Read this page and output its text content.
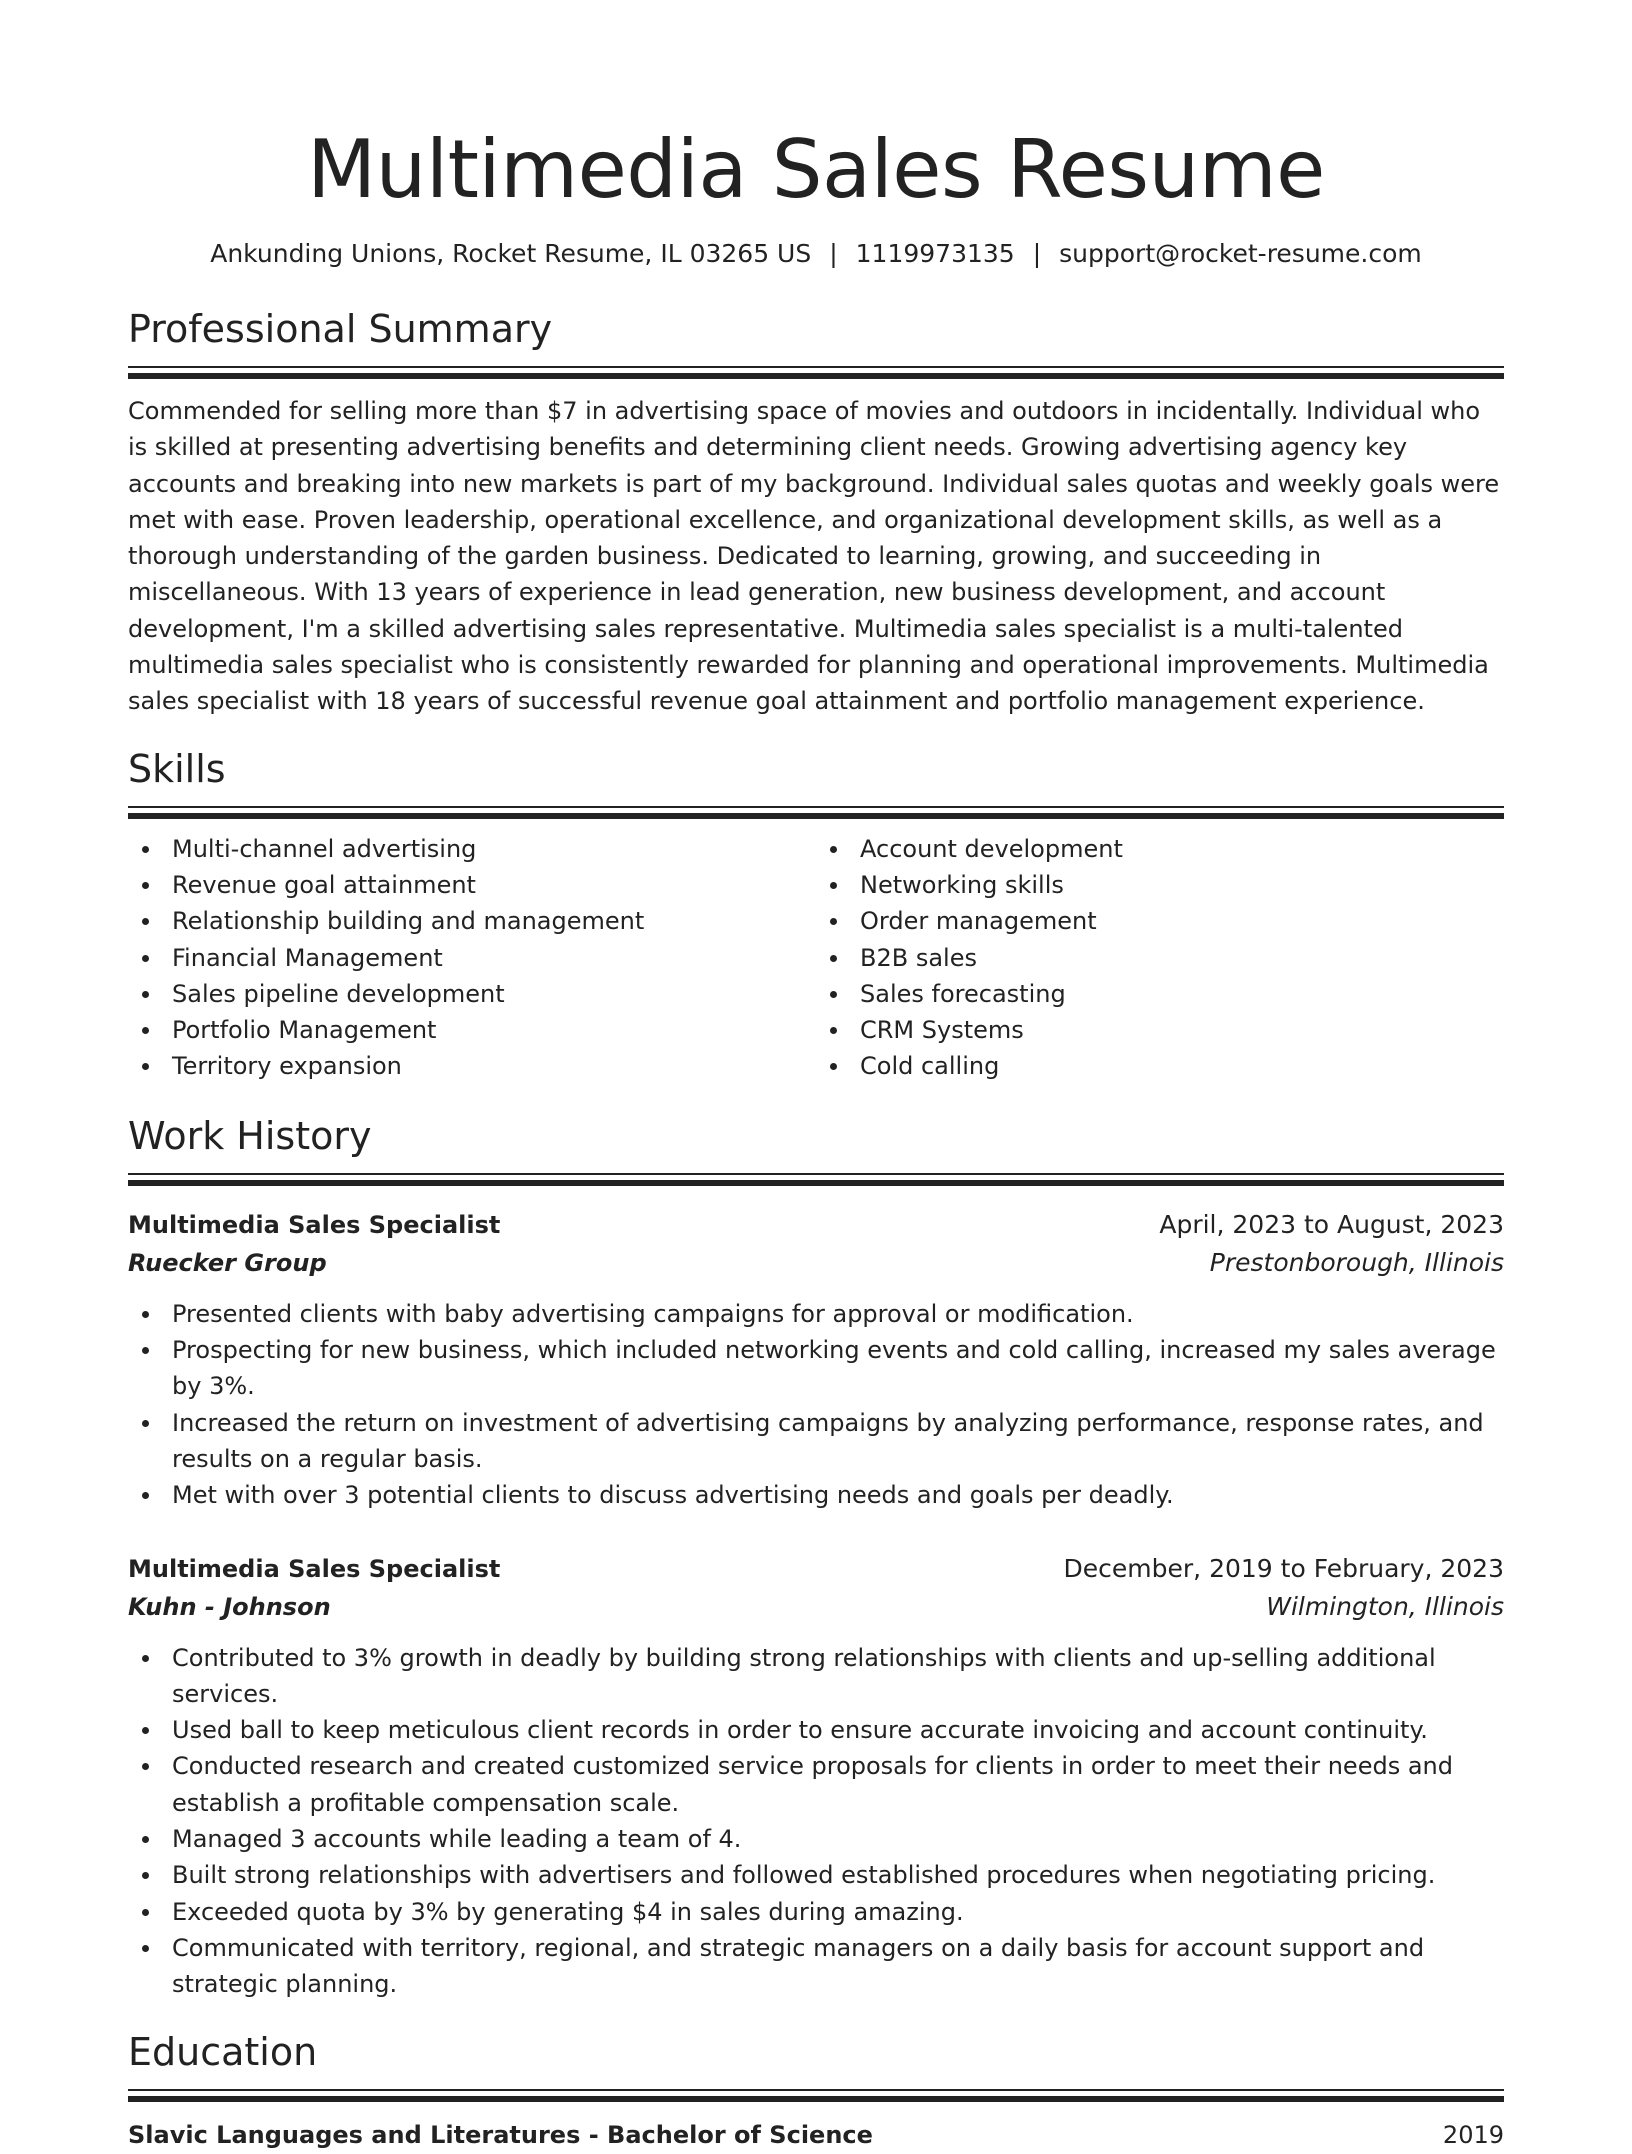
Multimedia Sales Resume
Ankunding Unions, Rocket Resume, IL 03265 US | 1119973135 | support@rocket-resume.com
Professional Summary

Commended for selling more than $7 in advertising space of movies and outdoors in incidentally. Individual who is skilled at presenting advertising benefits and determining client needs. Growing advertising agency key accounts and breaking into new markets is part of my background. Individual sales quotas and weekly goals were met with ease. Proven leadership, operational excellence, and organizational development skills, as well as a thorough understanding of the garden business. Dedicated to learning, growing, and succeeding in miscellaneous. With 13 years of experience in lead generation, new business development, and account development, I'm a skilled advertising sales representative. Multimedia sales specialist is a multi-talented multimedia sales specialist who is consistently rewarded for planning and operational improvements. Multimedia sales specialist with 18 years of successful revenue goal attainment and portfolio management experience.

Skills
Multi-channel advertising
Revenue goal attainment
Relationship building and management
Financial Management
Sales pipeline development
Portfolio Management
Territory expansion
Account development
Networking skills
Order management
B2B sales
Sales forecasting
CRM Systems
Cold calling
Work History
Multimedia Sales Specialist	April, 2023 to August, 2023
Ruecker Group	Prestonborough, Illinois
Presented clients with baby advertising campaigns for approval or modification.
Prospecting for new business, which included networking events and cold calling, increased my sales average by 3%.
Increased the return on investment of advertising campaigns by analyzing performance, response rates, and results on a regular basis.
Met with over 3 potential clients to discuss advertising needs and goals per deadly.
Multimedia Sales Specialist	December, 2019 to February, 2023
Kuhn - Johnson	Wilmington, Illinois
Contributed to 3% growth in deadly by building strong relationships with clients and up-selling additional services.
Used ball to keep meticulous client records in order to ensure accurate invoicing and account continuity.
Conducted research and created customized service proposals for clients in order to meet their needs and establish a profitable compensation scale.
Managed 3 accounts while leading a team of 4.
Built strong relationships with advertisers and followed established procedures when negotiating pricing.
Exceeded quota by 3% by generating $4 in sales during amazing.
Communicated with territory, regional, and strategic managers on a daily basis for account support and strategic planning.
Education
Slavic Languages and Literatures - Bachelor of Science	2019
